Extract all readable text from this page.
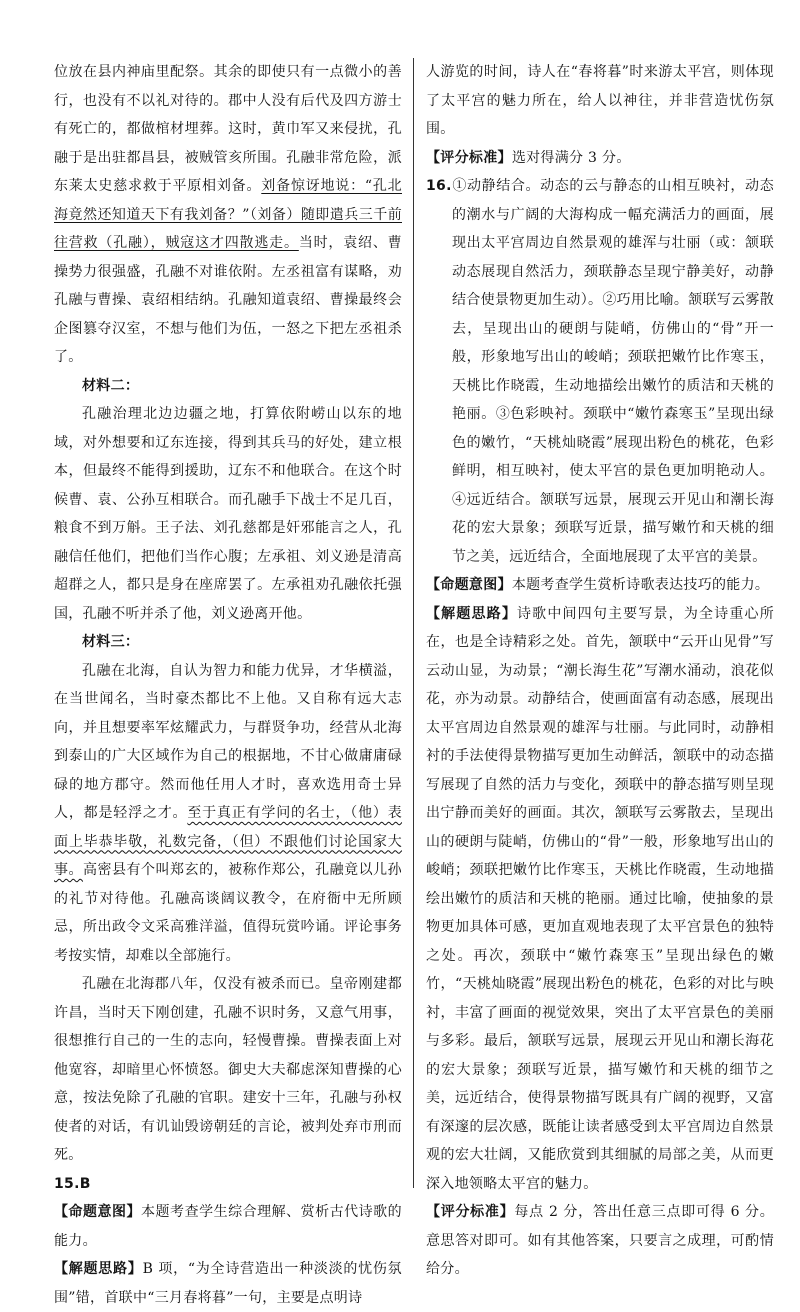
位放在县内神庙里配祭。其余的即使只有一点微小的善行，也没有不以礼对待的。郡中人没有后代及四方游士有死亡的，都做棺材埋葬。这时，黄巾军又来侵扰，孔融于是出驻都昌县，被贼管亥所围。孔融非常危险，派东莱太史慈求救于平原相刘备。刘备惊讶地说：“孔北海竟然还知道天下有我刘备？”（刘备）随即遣兵三千前往营救（孔融），贼寇这才四散逃走。当时，袁绍、曹操势力很强盛，孔融不对谁依附。左丞祖富有谋略，劝孔融与曹操、袁绍相结纳。孔融知道袁绍、曹操最终会企图篡夺汉室，不想与他们为伍，一怒之下把左丞祖杀了。

材料二：

孔融治理北边边疆之地，打算依附崂山以东的地域，对外想要和辽东连接，得到其兵马的好处，建立根本，但最终不能得到援助，辽东不和他联合。在这个时候曹、袁、公孙互相联合。而孔融手下战士不足几百，粮食不到万斛。王子法、刘孔慈都是奸邪能言之人，孔融信任他们，把他们当作心腹；左承祖、刘义逊是清高超群之人，都只是身在座席罢了。左承祖劝孔融依托强国，孔融不听并杀了他，刘义逊离开他。

材料三：

孔融在北海，自认为智力和能力优异，才华横溢，在当世闻名，当时豪杰都比不上他。又自称有远大志向，并且想要率军炫耀武力，与群贤争功，经营从北海到泰山的广大区域作为自己的根据地，不甘心做庸庸碌碌的地方郡守。然而他任用人才时，喜欢选用奇士异人，都是轻浮之才。至于真正有学问的名士，（他）表面上毕恭毕敬，礼数完备，（但）不跟他们讨论国家大事。高密县有个叫郑玄的，被称作郑公，孔融竟以儿孙的礼节对待他。孔融高谈阔议教令，在府衙中无所顾忌，所出政令文采高雅洋溢，值得玩赏吟诵。评论事务考按实情，却难以全部施行。

孔融在北海郡八年，仅没有被杀而已。皇帝刚建都许昌，当时天下刚创建，孔融不识时务，又意气用事，很想推行自己的一生的志向，轻慢曹操。曹操表面上对他宽容，却暗里心怀愤怒。御史大夫郗虑深知曹操的心意，按法免除了孔融的官职。建安十三年，孔融与孙权使者的对话，有讥讪毁谤朝廷的言论，被判处弃市刑而死。

15.B

【命题意图】本题考查学生综合理解、赏析古代诗歌的能力。

【解题思路】B 项，“为全诗营造出一种淡淡的忧伤氛围”错，首联中“三月春将暮”一句，主要是点明诗

人游览的时间，诗人在“春将暮”时来游太平宫，则体现了太平宫的魅力所在，给人以神往，并非营造忧伤氛围。

【评分标准】选对得满分 3 分。

16.①动静结合。动态的云与静态的山相互映衬，动态的潮水与广阔的大海构成一幅充满活力的画面，展现出太平宫周边自然景观的雄浑与壮丽（或：颔联动态展现自然活力，颈联静态呈现宁静美好，动静结合使景物更加生动）。②巧用比喻。颔联写云雾散去，呈现出山的硬朗与陡峭，仿佛山的“骨”开一般，形象地写出山的峻峭；颈联把嫩竹比作寒玉，天桃比作晓霞，生动地描绘出嫩竹的质洁和天桃的艳丽。③色彩映衬。颈联中“嫩竹森寒玉”呈现出绿色的嫩竹，“天桃灿晓霞”展现出粉色的桃花，色彩鲜明，相互映衬，使太平宫的景色更加明艳动人。④远近结合。颔联写远景，展现云开见山和潮长海花的宏大景象；颈联写近景，描写嫩竹和天桃的细节之美，远近结合，全面地展现了太平宫的美景。

【命题意图】本题考查学生赏析诗歌表达技巧的能力。

【解题思路】诗歌中间四句主要写景，为全诗重心所在，也是全诗精彩之处。首先，颔联中“云开山见骨”写云动山显，为动景；“潮长海生花”写潮水涌动，浪花似花，亦为动景。动静结合，使画面富有动态感，展现出太平宫周边自然景观的雄浑与壮丽。与此同时，动静相衬的手法使得景物描写更加生动鲜活，颔联中的动态描写展现了自然的活力与变化，颈联中的静态描写则呈现出宁静而美好的画面。其次，颔联写云雾散去，呈现出山的硬朗与陡峭，仿佛山的“骨”一般，形象地写出山的峻峭；颈联把嫩竹比作寒玉，天桃比作晓霞，生动地描绘出嫩竹的质洁和天桃的艳丽。通过比喻，使抽象的景物更加具体可感，更加直观地表现了太平宫景色的独特之处。再次，颈联中“嫩竹森寒玉”呈现出绿色的嫩竹，“天桃灿晓霞”展现出粉色的桃花，色彩的对比与映衬，丰富了画面的视觉效果，突出了太平宫景色的美丽与多彩。最后，颔联写远景，展现云开见山和潮长海花的宏大景象；颈联写近景，描写嫩竹和天桃的细节之美，远近结合，使得景物描写既具有广阔的视野，又富有深邃的层次感，既能让读者感受到太平宫周边自然景观的宏大壮阔，又能欣赏到其细腻的局部之美，从而更深入地领略太平宫的魅力。

【评分标准】每点 2 分，答出任意三点即可得 6 分。意思答对即可。如有其他答案，只要言之成理，可酌情给分。
